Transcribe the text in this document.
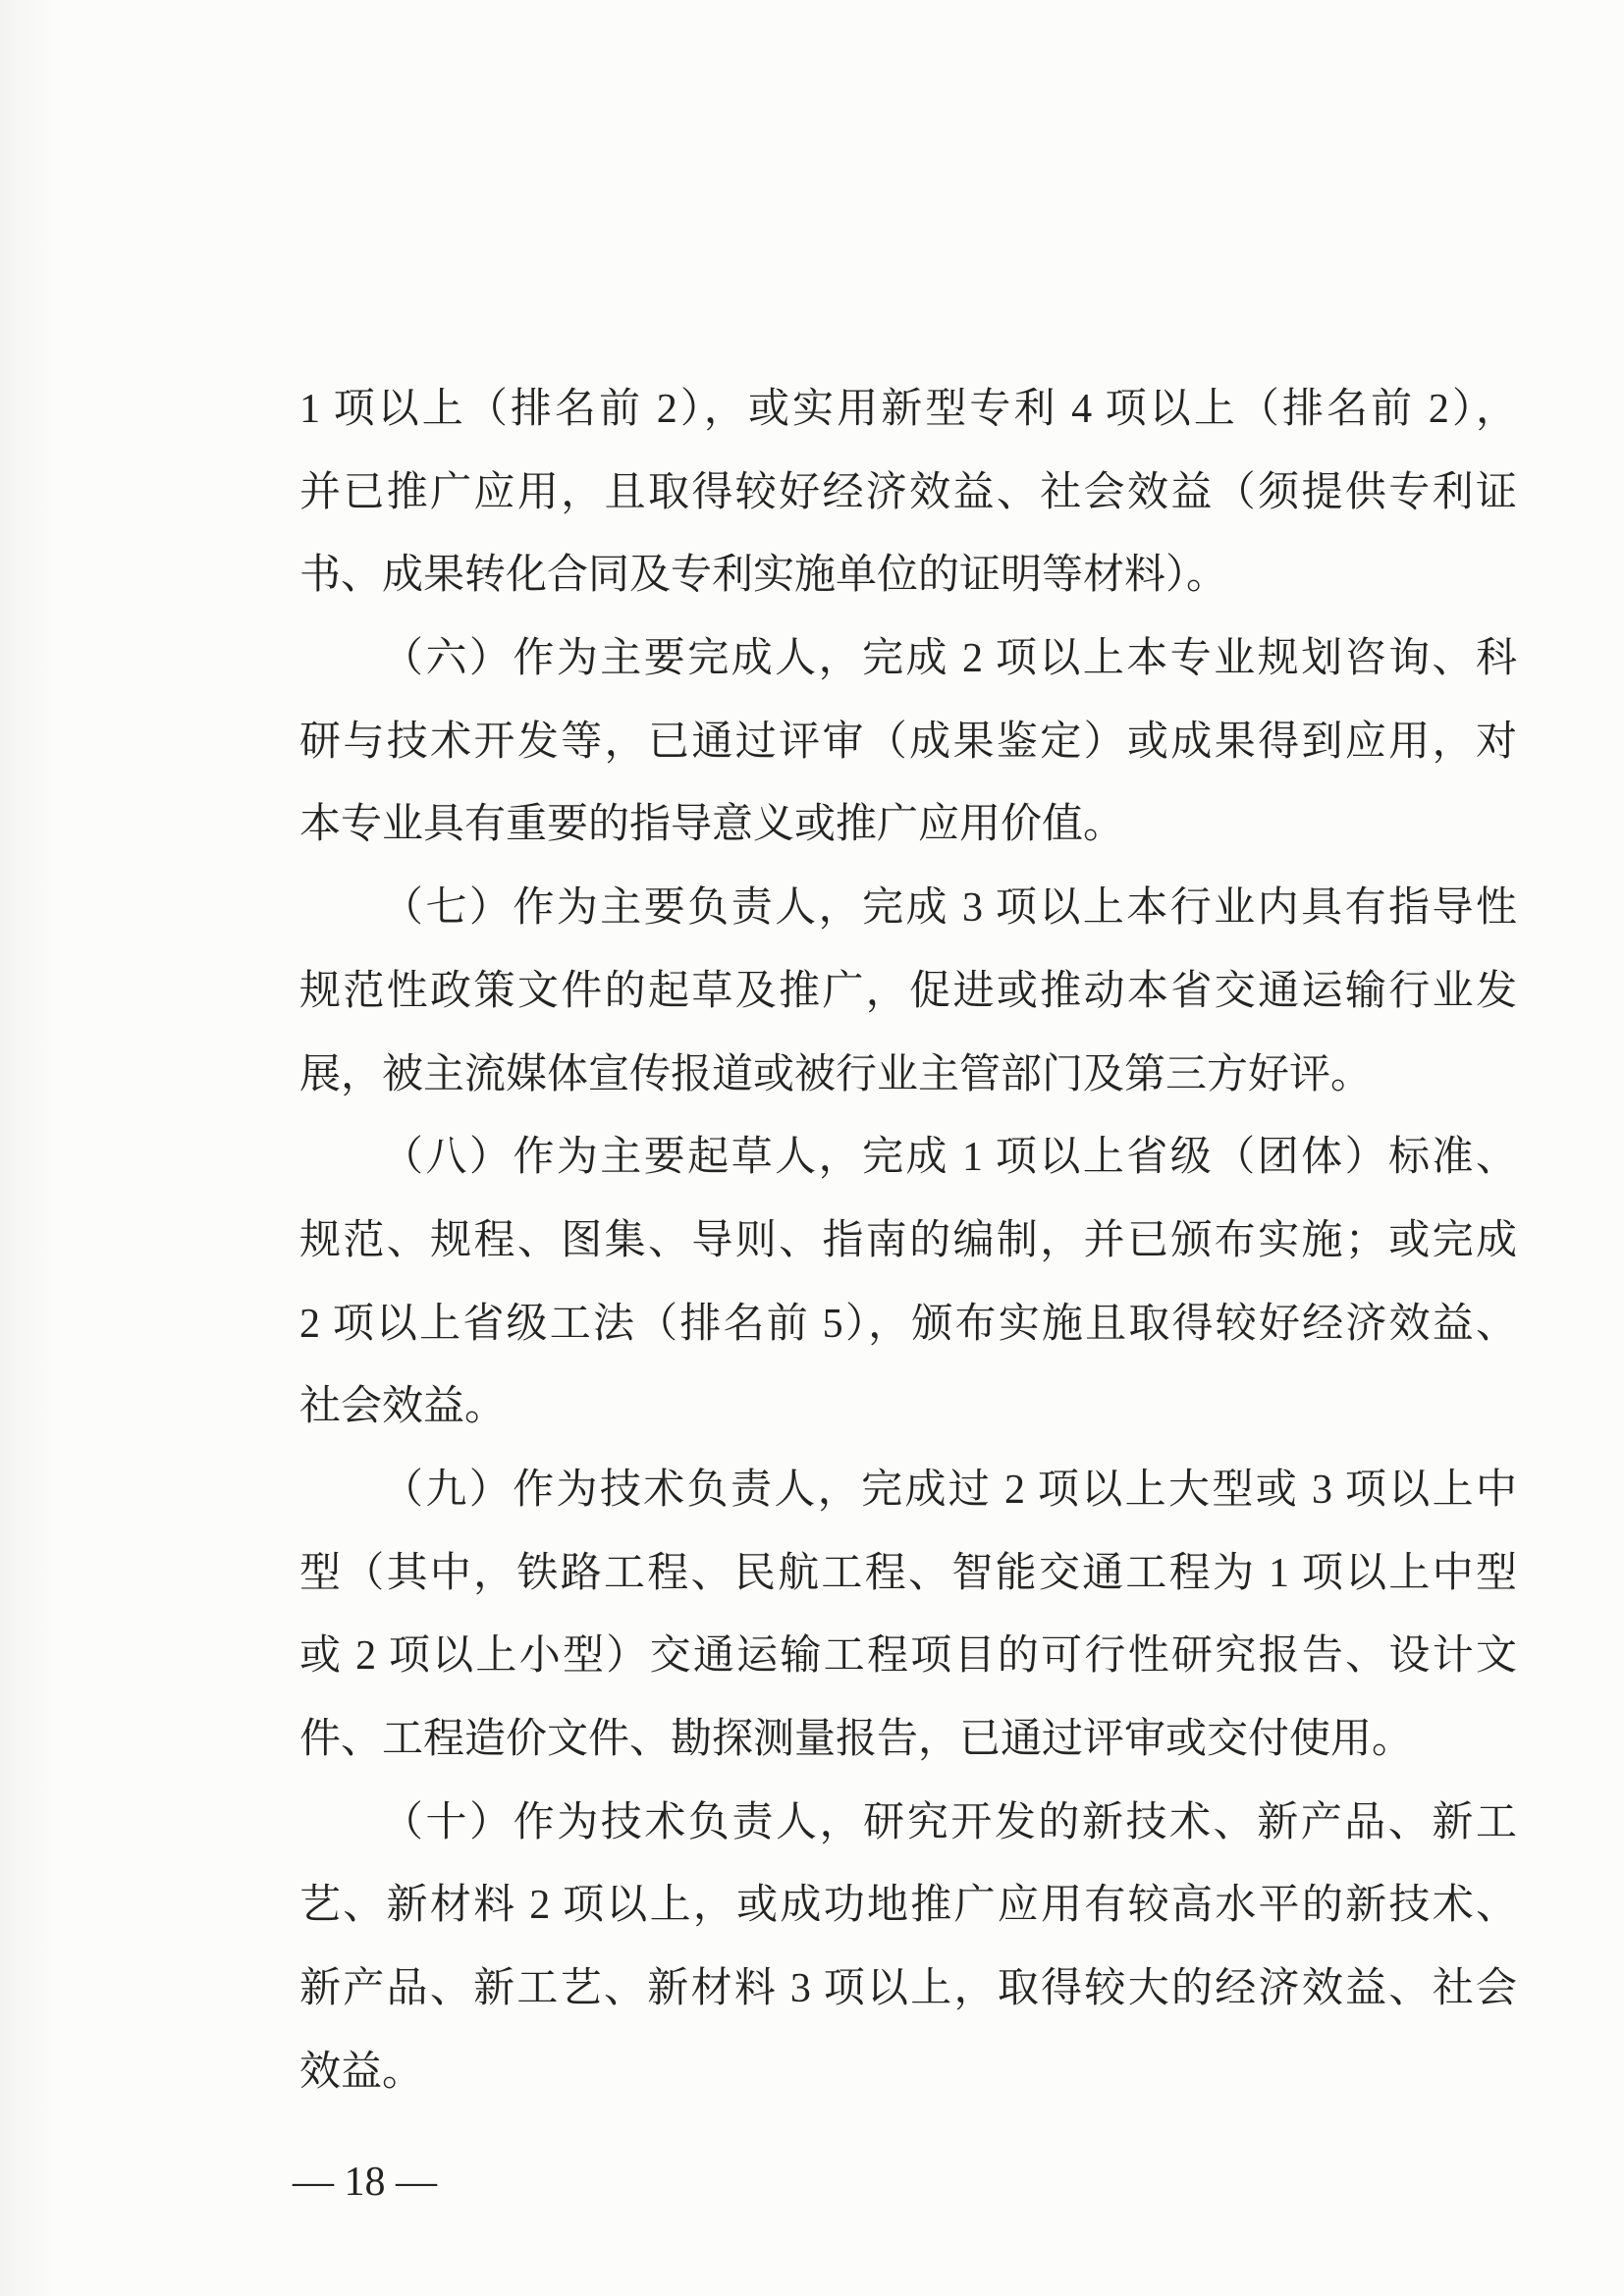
1 项以上（排名前 2），或实用新型专利 4 项以上（排名前 2），
并已推广应用，且取得较好经济效益、社会效益（须提供专利证
书、成果转化合同及专利实施单位的证明等材料）。
（六）作为主要完成人，完成 2 项以上本专业规划咨询、科
研与技术开发等，已通过评审（成果鉴定）或成果得到应用，对
本专业具有重要的指导意义或推广应用价值。
（七）作为主要负责人，完成 3 项以上本行业内具有指导性
规范性政策文件的起草及推广，促进或推动本省交通运输行业发
展，被主流媒体宣传报道或被行业主管部门及第三方好评。
（八）作为主要起草人，完成 1 项以上省级（团体）标准、
规范、规程、图集、导则、指南的编制，并已颁布实施；或完成
2 项以上省级工法（排名前 5），颁布实施且取得较好经济效益、
社会效益。
（九）作为技术负责人，完成过 2 项以上大型或 3 项以上中
型（其中，铁路工程、民航工程、智能交通工程为 1 项以上中型
或 2 项以上小型）交通运输工程项目的可行性研究报告、设计文
件、工程造价文件、勘探测量报告，已通过评审或交付使用。
（十）作为技术负责人，研究开发的新技术、新产品、新工
艺、新材料 2 项以上，或成功地推广应用有较高水平的新技术、
新产品、新工艺、新材料 3 项以上，取得较大的经济效益、社会
效益。
— 18 —
